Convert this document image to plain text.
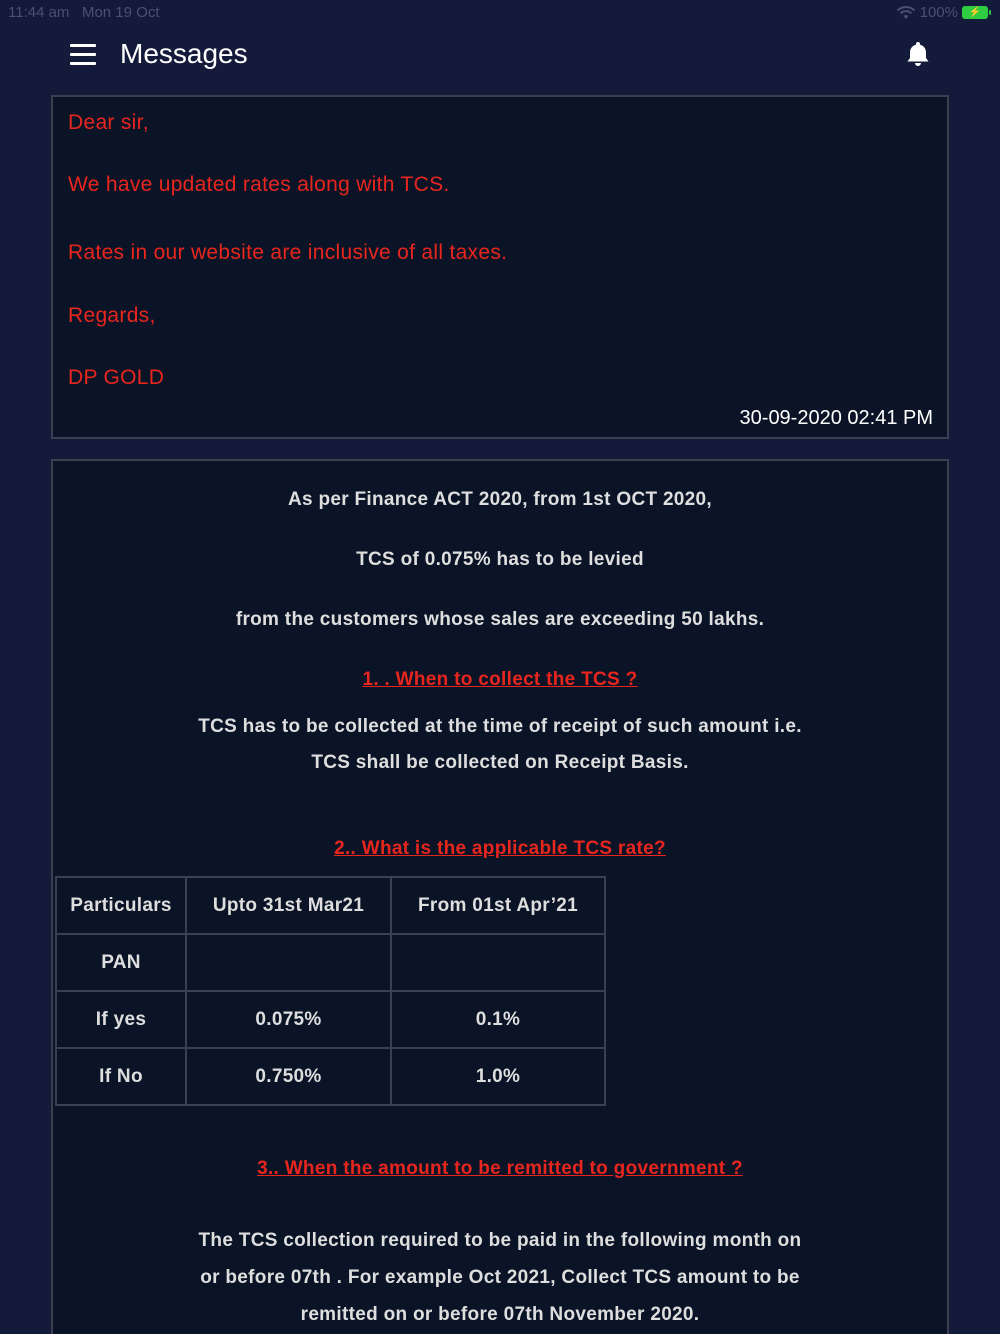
11:44 am Mon 19 Oct	100%	⚡
Messages
Dear sir,
We have updated rates along with TCS.
Rates in our website are inclusive of all taxes.
Regards,
DP GOLD
30-09-2020 02:41 PM
As per Finance ACT 2020, from 1st OCT 2020,
TCS of 0.075% has to be levied
from the customers whose sales are exceeding 50 lakhs.
1. . When to collect the TCS ?
TCS has to be collected at the time of receipt of such amount i.e.
TCS shall be collected on Receipt Basis.
2.. What is the applicable TCS rate?
Particulars	Upto 31st Mar21	From 01st Apr’21
PAN		
If yes	0.075%	0.1%
If No	0.750%	1.0%
3.. When the amount to be remitted to government ?
The TCS collection required to be paid in the following month on
or before 07th . For example Oct 2021, Collect TCS amount to be
remitted on or before 07th November 2020.
